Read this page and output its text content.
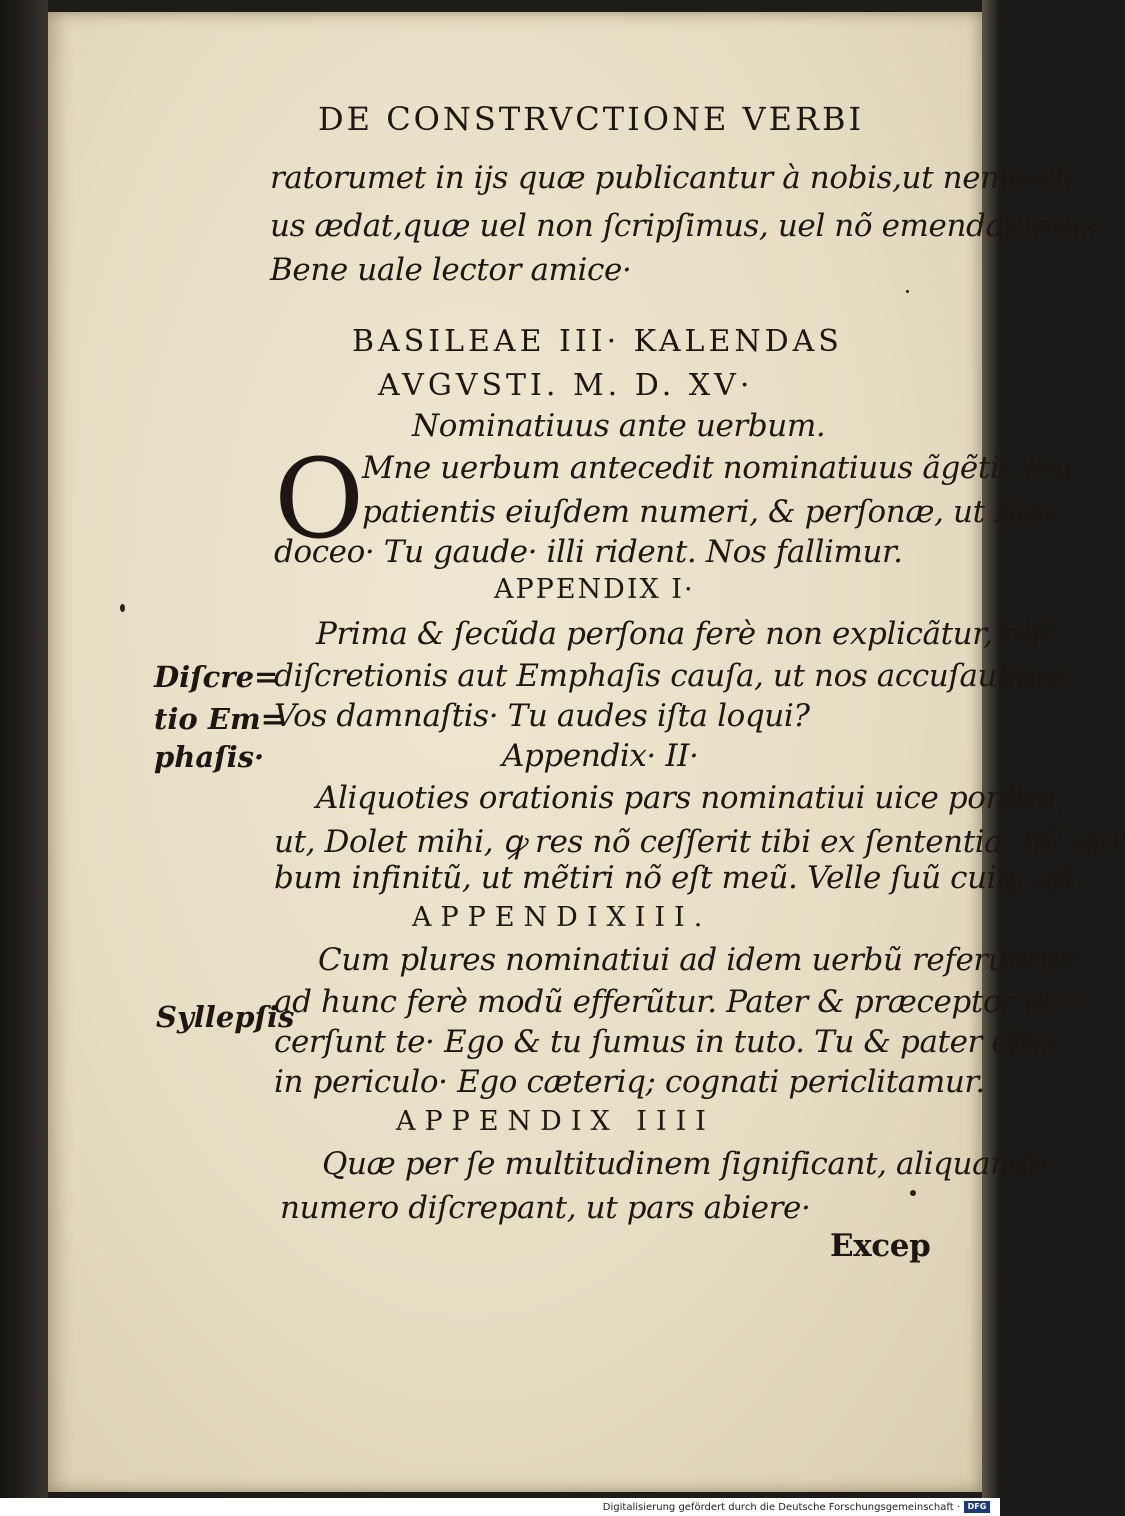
DE CONSTRVCTIONE VERBI
ratorumet in ijs quæ publicantur à nobis,ut nemo ali
us ædat,quæ uel non ſcripſimus, uel nõ emendauimus·
Bene uale lector amice·
BASILEAE III· KALENDAS
AVGVSTI. M. D. XV·
Nominatiuus ante uerbum.
O
Mne uerbum antecedit nominatiuus ãgẽtis ſeu
patientis eiuſdem numeri, & perſonæ, ut Ego
doceo· Tu gaude· illi rident. Nos fallimur.
APPENDIX I·
Prima & ſecũda perſona ferè non explicãtur, niſi
diſcretionis aut Emphaſis cauſa, ut nos accuſauimus.
Vos damnaſtis· Tu audes iſta loqui?
Appendix· II·
Aliquoties orationis pars nominatiui uice ponitur,
ut, Dolet mihi, ꝙ res nõ ceſſerit tibi ex ſententia· Itẽ uer
bum infinitũ, ut mẽtiri nõ eſt meũ. Velle ſuũ cuiq; eſt.
APPENDIXIII.
Cum plures nominatiui ad idem uerbũ referuntur,
ad hunc ferè modũ efferũtur. Pater & præceptor ac=
cerſunt te· Ego & tu ſumus in tuto. Tu & pater eſtis
in periculo· Ego cæteriq; cognati periclitamur.
APPENDIX IIII
Quæ per ſe multitudinem ſignificant, aliquando
numero diſcrepant, ut pars abiere·
Excep
Diſcre=
tio Em=
phaſis·
Syllepſis
Digitalisierung gefördert durch die Deutsche Forschungsgemeinschaft · DFG
